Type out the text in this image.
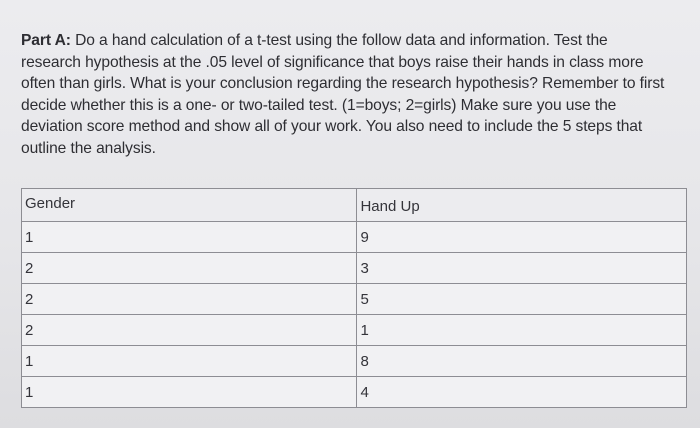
Part A: Do a hand calculation of a t-test using the follow data and information. Test the
research hypothesis at the .05 level of significance that boys raise their hands in class more
often than girls. What is your conclusion regarding the research hypothesis? Remember to first
decide whether this is a one- or two-tailed test. (1=boys; 2=girls) Make sure you use the
deviation score method and show all of your work. You also need to include the 5 steps that
outline the analysis.
Gender	Hand Up
1	9
2	3
2	5
2	1
1	8
1	4
